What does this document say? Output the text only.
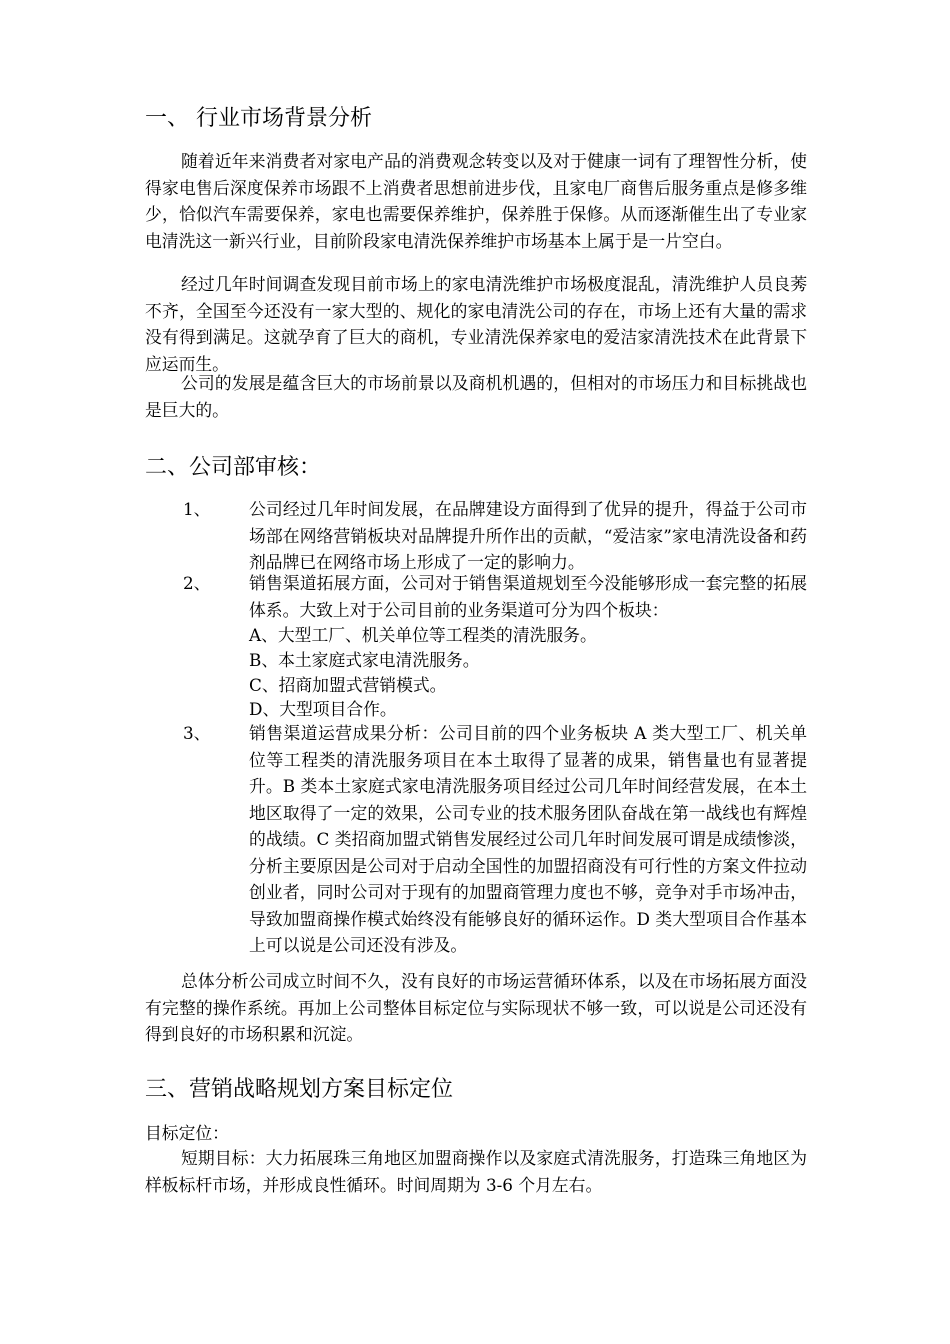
一、 行业市场背景分析

随着近年来消费者对家电产品的消费观念转变以及对于健康一词有了理智性分析，使得家电售后深度保养市场跟不上消费者思想前进步伐，且家电厂商售后服务重点是修多维少，恰似汽车需要保养，家电也需要保养维护，保养胜于保修。从而逐渐催生出了专业家电清洗这一新兴行业，目前阶段家电清洗保养维护市场基本上属于是一片空白。

经过几年时间调查发现目前市场上的家电清洗维护市场极度混乱，清洗维护人员良莠不齐，全国至今还没有一家大型的、规化的家电清洗公司的存在，市场上还有大量的需求没有得到满足。这就孕育了巨大的商机，专业清洗保养家电的爱洁家清洗技术在此背景下应运而生。

公司的发展是蕴含巨大的市场前景以及商机机遇的，但相对的市场压力和目标挑战也是巨大的。

二、公司部审核：
1、 公司经过几年时间发展，在品牌建设方面得到了优异的提升，得益于公司市场部在网络营销板块对品牌提升所作出的贡献，“爱洁家”家电清洗设备和药剂品牌已在网络市场上形成了一定的影响力。

2、 销售渠道拓展方面，公司对于销售渠道规划至今没能够形成一套完整的拓展体系。大致上对于公司目前的业务渠道可分为四个板块：

A、大型工厂、机关单位等工程类的清洗服务。
B、本土家庭式家电清洗服务。
C、招商加盟式营销模式。
D、大型项目合作。
3、 销售渠道运营成果分析：公司目前的四个业务板块 A 类大型工厂、机关单位等工程类的清洗服务项目在本土取得了显著的成果，销售量也有显著提升。B 类本土家庭式家电清洗服务项目经过公司几年时间经营发展，在本土地区取得了一定的效果，公司专业的技术服务团队奋战在第一战线也有辉煌的战绩。C 类招商加盟式销售发展经过公司几年时间发展可谓是成绩惨淡，分析主要原因是公司对于启动全国性的加盟招商没有可行性的方案文件拉动创业者，同时公司对于现有的加盟商管理力度也不够，竞争对手市场冲击，导致加盟商操作模式始终没有能够良好的循环运作。D 类大型项目合作基本上可以说是公司还没有涉及。

总体分析公司成立时间不久，没有良好的市场运营循环体系，以及在市场拓展方面没有完整的操作系统。再加上公司整体目标定位与实际现状不够一致，可以说是公司还没有得到良好的市场积累和沉淀。

三、营销战略规划方案目标定位

目标定位：

短期目标：大力拓展珠三角地区加盟商操作以及家庭式清洗服务，打造珠三角地区为样板标杆市场，并形成良性循环。时间周期为 3-6 个月左右。
